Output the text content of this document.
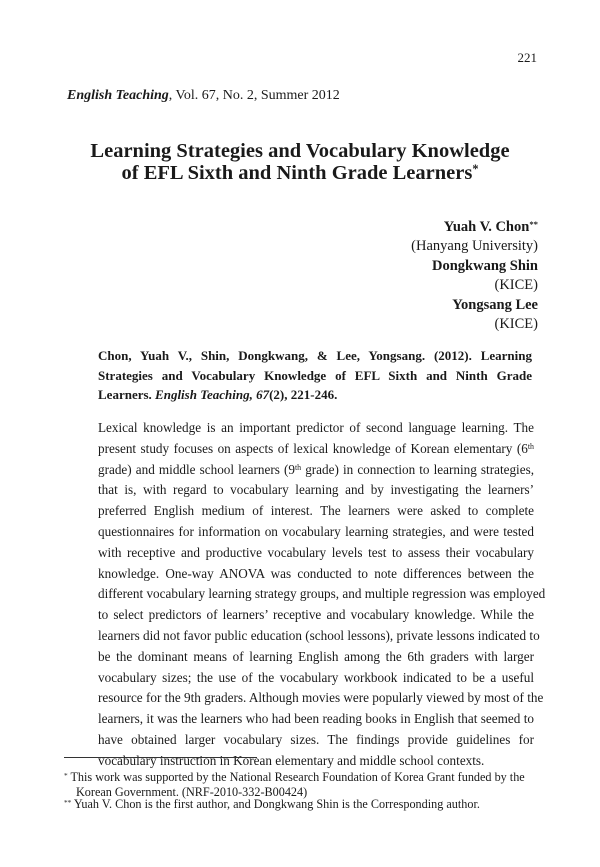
221
English Teaching, Vol. 67, No. 2, Summer 2012
Learning Strategies and Vocabulary Knowledge
of EFL Sixth and Ninth Grade Learners*
Yuah V. Chon**
(Hanyang University)
Dongkwang Shin
(KICE)
Yongsang Lee
(KICE)
Chon, Yuah V., Shin, Dongkwang, & Lee, Yongsang. (2012). Learning Strategies and Vocabulary Knowledge of EFL Sixth and Ninth Grade Learners. English Teaching, 67(2), 221-246.
Lexical knowledge is an important predictor of second language learning. The
present study focuses on aspects of lexical knowledge of Korean elementary (6th
grade) and middle school learners (9th grade) in connection to learning strategies,
that is, with regard to vocabulary learning and by investigating the learners’
preferred English medium of interest. The learners were asked to complete
questionnaires for information on vocabulary learning strategies, and were tested
with receptive and productive vocabulary levels test to assess their vocabulary
knowledge. One-way ANOVA was conducted to note differences between the
different vocabulary learning strategy groups, and multiple regression was employed
to select predictors of learners’ receptive and vocabulary knowledge. While the
learners did not favor public education (school lessons), private lessons indicated to
be the dominant means of learning English among the 6th graders with larger
vocabulary sizes; the use of the vocabulary workbook indicated to be a useful
resource for the 9th graders. Although movies were popularly viewed by most of the
learners, it was the learners who had been reading books in English that seemed to
have obtained larger vocabulary sizes. The findings provide guidelines for
vocabulary instruction in Korean elementary and middle school contexts.
* This work was supported by the National Research Foundation of Korea Grant funded by the
Korean Government. (NRF-2010-332-B00424)
** Yuah V. Chon is the first author, and Dongkwang Shin is the Corresponding author.
